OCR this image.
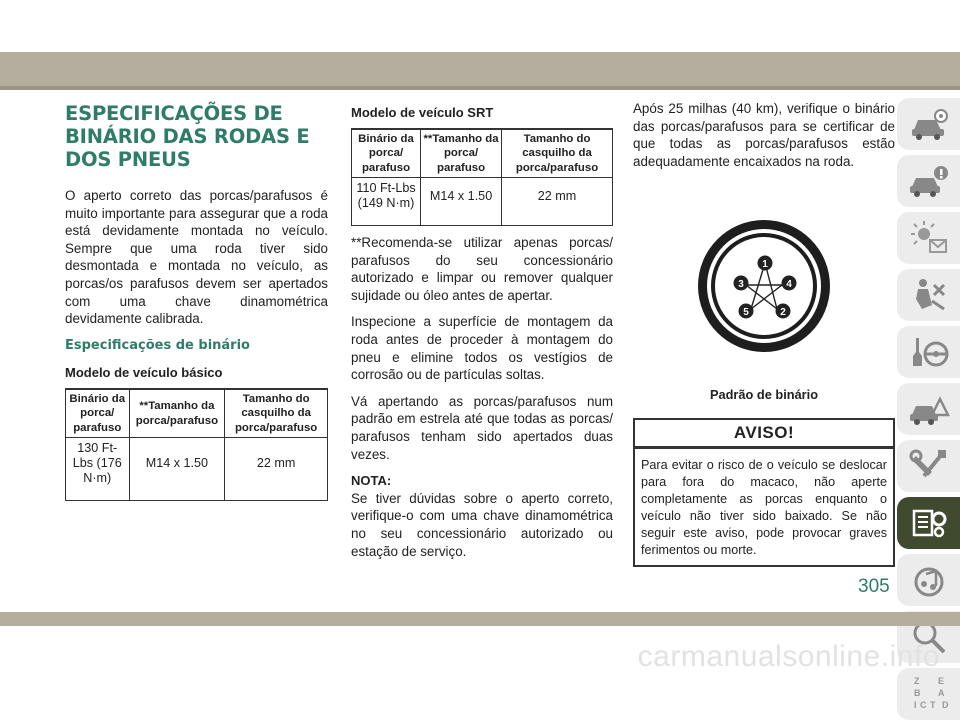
ESPECIFICAÇÕES DE BINÁRIO DAS RODAS E DOS PNEUS

O aperto correto das porcas/parafusos é muito importante para assegurar que a roda está devidamente montada no veículo. Sempre que uma roda tiver sido desmontada e montada no veículo, as porcas/os parafusos devem ser apertados com uma chave dinamométrica devidamente calibrada.

Especificações de binário
Modelo de veículo básico
Binário da porca/ parafuso	**Tamanho da porca/parafuso	Tamanho do casquilho da porca/parafuso
130 Ft-Lbs (176 N·m)	M14 x 1.50	22 mm
Modelo de veículo SRT
Binário da porca/ parafuso	**Tamanho da porca/ parafuso	Tamanho do casquilho da porca/parafuso
110 Ft-Lbs (149 N·m)	M14 x 1.50	22 mm

**Recomenda-se utilizar apenas porcas/ parafusos do seu concessionário autorizado e limpar ou remover qualquer sujidade ou óleo antes de apertar.

Inspecione a superfície de montagem da roda antes de proceder à montagem do pneu e elimine todos os vestígios de corrosão ou de partículas soltas.

Vá apertando as porcas/parafusos num padrão em estrela até que todas as porcas/ parafusos tenham sido apertados duas vezes.

NOTA:

Se tiver dúvidas sobre o aperto correto, verifique-o com uma chave dinamométrica no seu concessionário autorizado ou estação de serviço.

Após 25 milhas (40 km), verifique o binário das porcas/parafusos para se certificar de que todas as porcas/parafusos estão adequadamente encaixados na roda.

1
2
3	4
5
Padrão de binário
AVISO!
Para evitar o risco de o veículo se deslocar para fora do macaco, não aperte completamente as porcas enquanto o veículo não tiver sido baixado. Se não seguir este aviso, pode provocar graves ferimentos ou morte.
Z E
B A
C D
I T
305
carmanualsonline.info
